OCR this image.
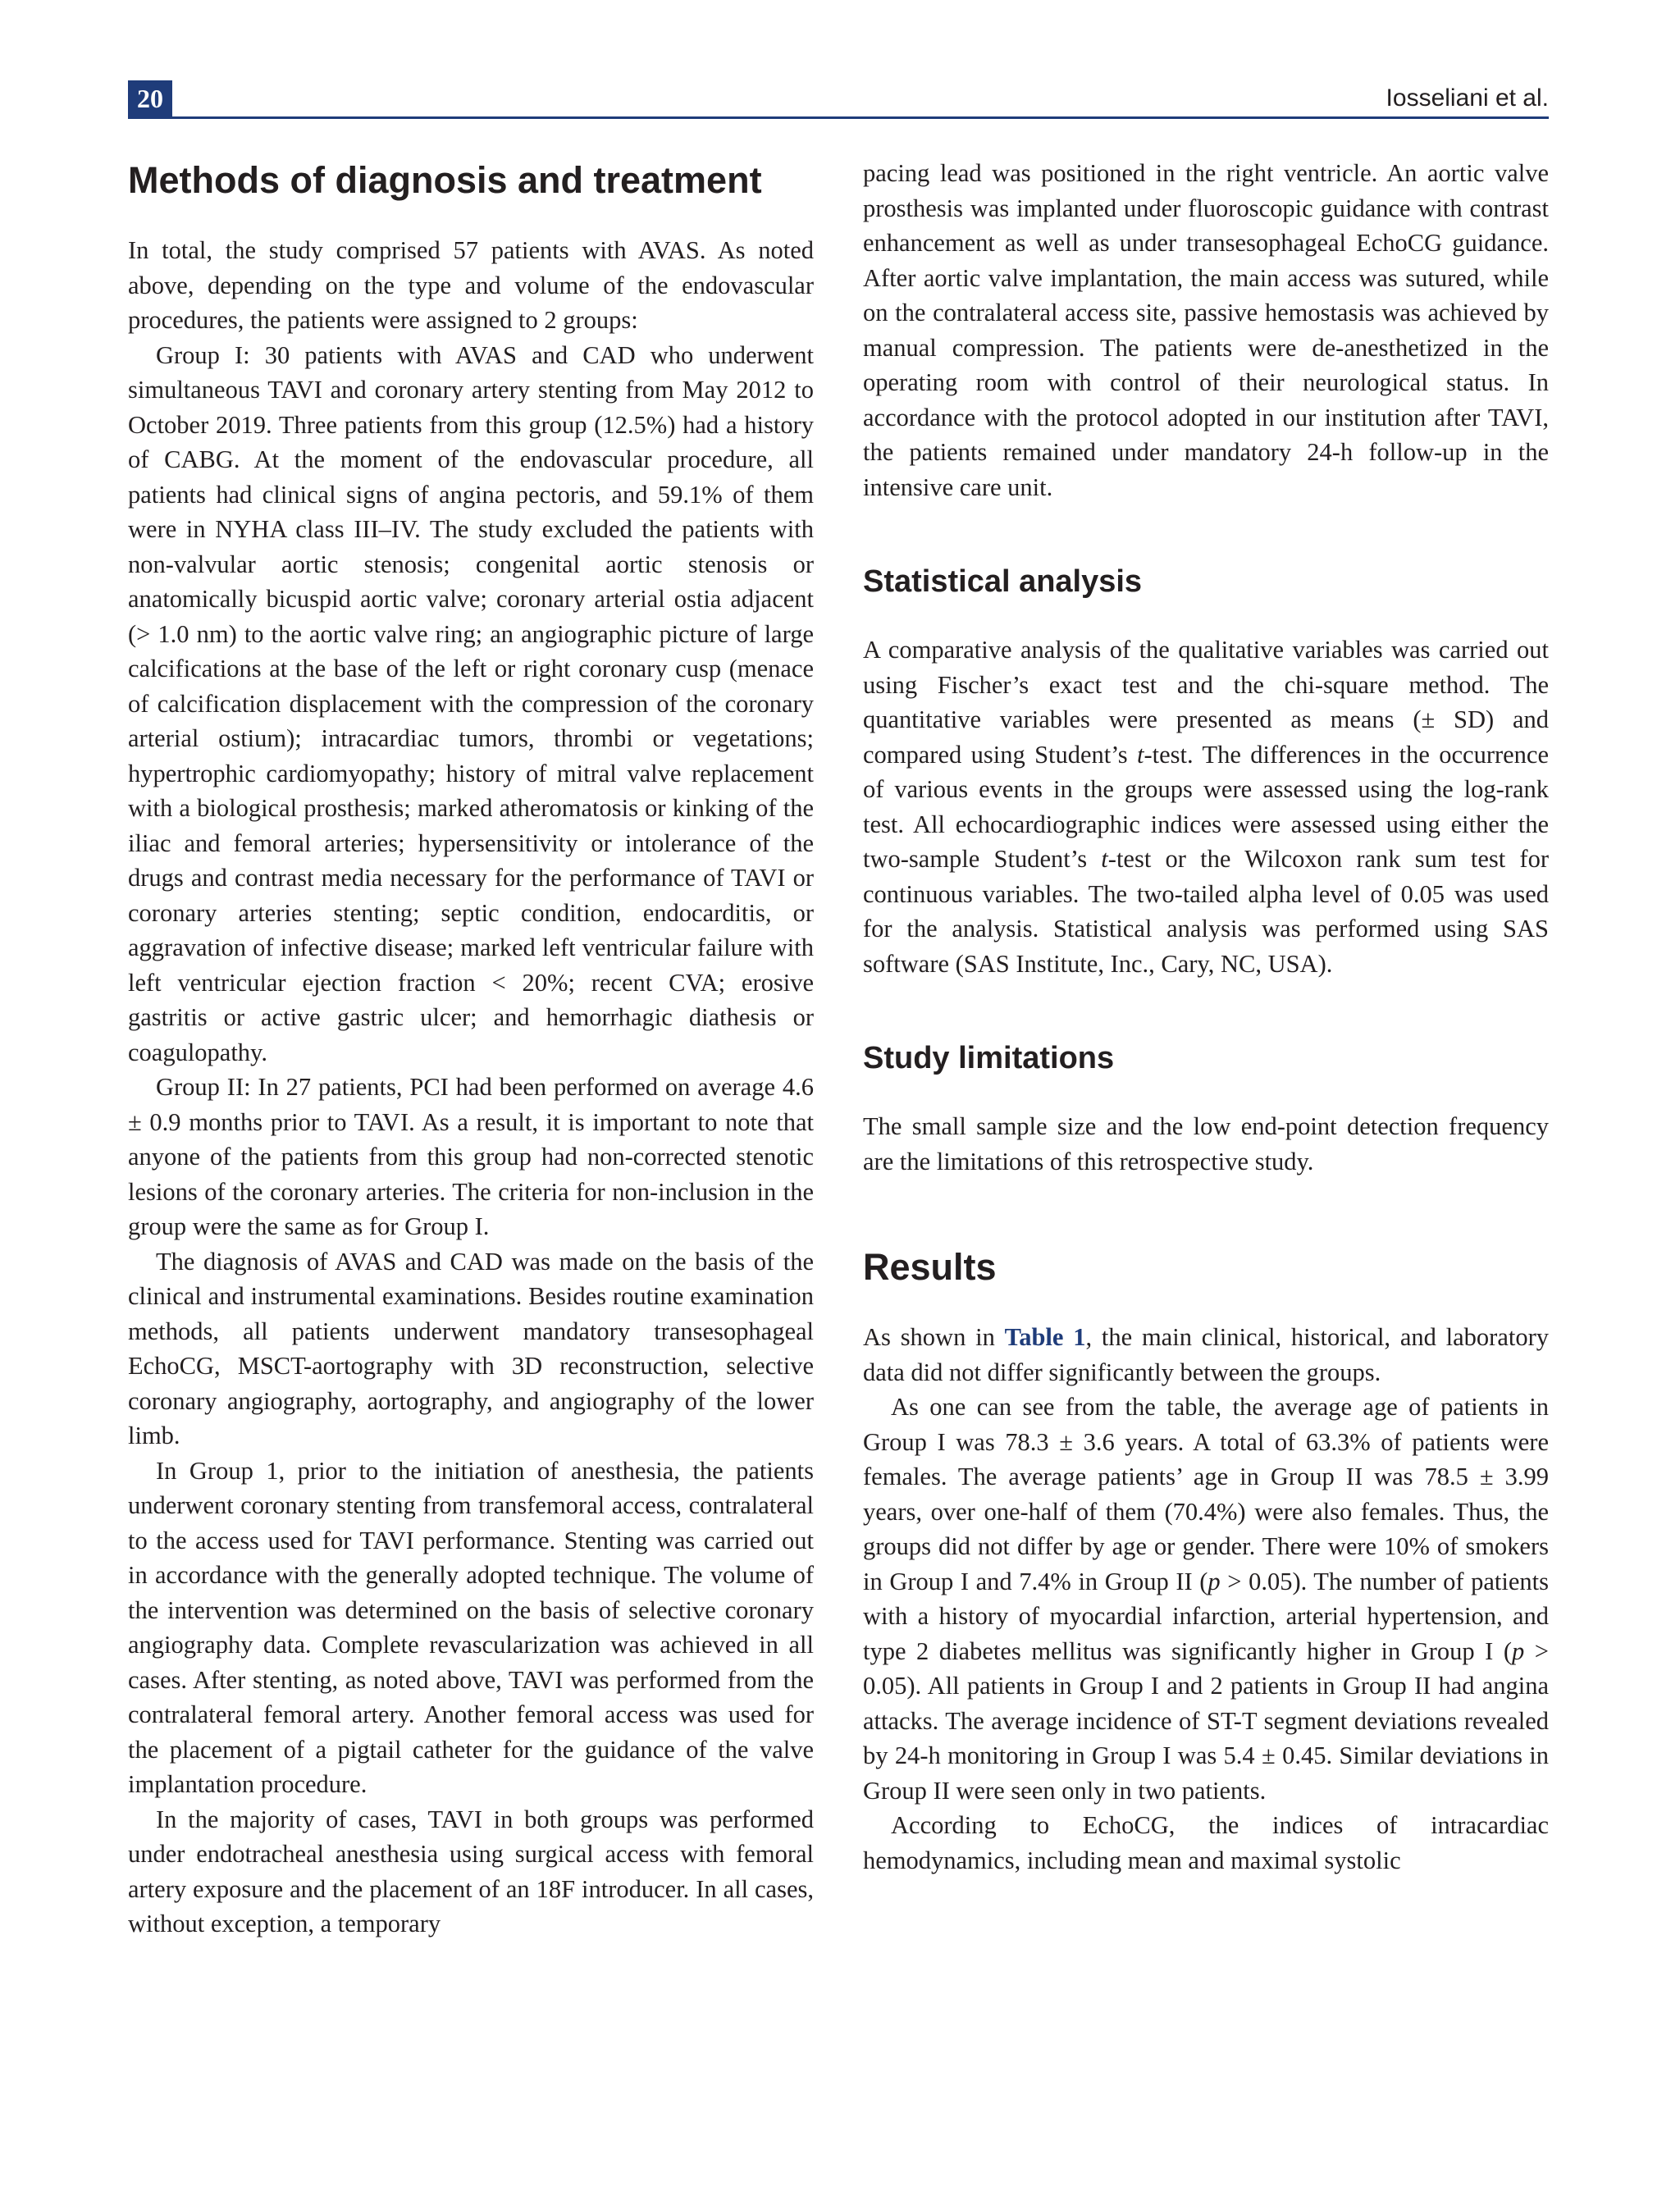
20	Iosseliani et al.
Methods of diagnosis and treatment

In total, the study comprised 57 patients with AVAS. As noted above, depending on the type and volume of the endovascular procedures, the patients were assigned to 2 groups:

Group I: 30 patients with AVAS and CAD who underwent simultaneous TAVI and coronary artery stenting from May 2012 to October 2019. Three patients from this group (12.5%) had a history of CABG. At the moment of the endovascular procedure, all patients had clinical signs of angina pectoris, and 59.1% of them were in NYHA class III–IV. The study excluded the patients with non-valvular aortic stenosis; congenital aortic stenosis or anatomically bicuspid aortic valve; coronary arterial ostia adjacent (> 1.0 nm) to the aortic valve ring; an angiographic picture of large calcifications at the base of the left or right coronary cusp (menace of calcification displacement with the compression of the coronary arterial ostium); intracardiac tumors, thrombi or vegetations; hypertrophic cardiomyopathy; history of mitral valve replacement with a biological prosthesis; marked atheromatosis or kinking of the iliac and femoral arteries; hypersensitivity or intolerance of the drugs and contrast media necessary for the performance of TAVI or coronary arteries stenting; septic condition, endocarditis, or aggravation of infective disease; marked left ventricular failure with left ventricular ejection fraction < 20%; recent CVA; erosive gastritis or active gastric ulcer; and hemorrhagic diathesis or coagulopathy.

Group II: In 27 patients, PCI had been performed on average 4.6 ± 0.9 months prior to TAVI. As a result, it is important to note that anyone of the patients from this group had non-corrected stenotic lesions of the coronary arteries. The criteria for non-inclusion in the group were the same as for Group I.

The diagnosis of AVAS and CAD was made on the basis of the clinical and instrumental examinations. Besides routine examination methods, all patients underwent mandatory transesophageal EchoCG, MSCT-aortography with 3D reconstruction, selective coronary angiography, aortography, and angiography of the lower limb.

In Group 1, prior to the initiation of anesthesia, the patients underwent coronary stenting from transfemoral access, contralateral to the access used for TAVI performance. Stenting was carried out in accordance with the generally adopted technique. The volume of the intervention was determined on the basis of selective coronary angiography data. Complete revascularization was achieved in all cases. After stenting, as noted above, TAVI was performed from the contralateral femoral artery. Another femoral access was used for the placement of a pigtail catheter for the guidance of the valve implantation procedure.

In the majority of cases, TAVI in both groups was performed under endotracheal anesthesia using surgical access with femoral artery exposure and the placement of an 18F introducer. In all cases, without exception, a temporary

pacing lead was positioned in the right ventricle. An aortic valve prosthesis was implanted under fluoroscopic guidance with contrast enhancement as well as under transesophageal EchoCG guidance. After aortic valve implantation, the main access was sutured, while on the contralateral access site, passive hemostasis was achieved by manual compression. The patients were de-anesthetized in the operating room with control of their neurological status. In accordance with the protocol adopted in our institution after TAVI, the patients remained under mandatory 24-h follow-up in the intensive care unit.

Statistical analysis

A comparative analysis of the qualitative variables was carried out using Fischer’s exact test and the chi-square method. The quantitative variables were presented as means (± SD) and compared using Student’s t-test. The differences in the occurrence of various events in the groups were assessed using the log-rank test. All echocardiographic indices were assessed using either the two-sample Student’s t-test or the Wilcoxon rank sum test for continuous variables. The two-tailed alpha level of 0.05 was used for the analysis. Statistical analysis was performed using SAS software (SAS Institute, Inc., Cary, NC, USA).

Study limitations

The small sample size and the low end-point detection frequency are the limitations of this retrospective study.

Results

As shown in Table 1, the main clinical, historical, and laboratory data did not differ significantly between the groups.

As one can see from the table, the average age of patients in Group I was 78.3 ± 3.6 years. A total of 63.3% of patients were females. The average patients’ age in Group II was 78.5 ± 3.99 years, over one-half of them (70.4%) were also females. Thus, the groups did not differ by age or gender. There were 10% of smokers in Group I and 7.4% in Group II (p > 0.05). The number of patients with a history of myocardial infarction, arterial hypertension, and type 2 diabetes mellitus was significantly higher in Group I (p > 0.05). All patients in Group I and 2 patients in Group II had angina attacks. The average incidence of ST-T segment deviations revealed by 24-h monitoring in Group I was 5.4 ± 0.45. Similar deviations in Group II were seen only in two patients.

According to EchoCG, the indices of intracardiac hemodynamics, including mean and maximal systolic
